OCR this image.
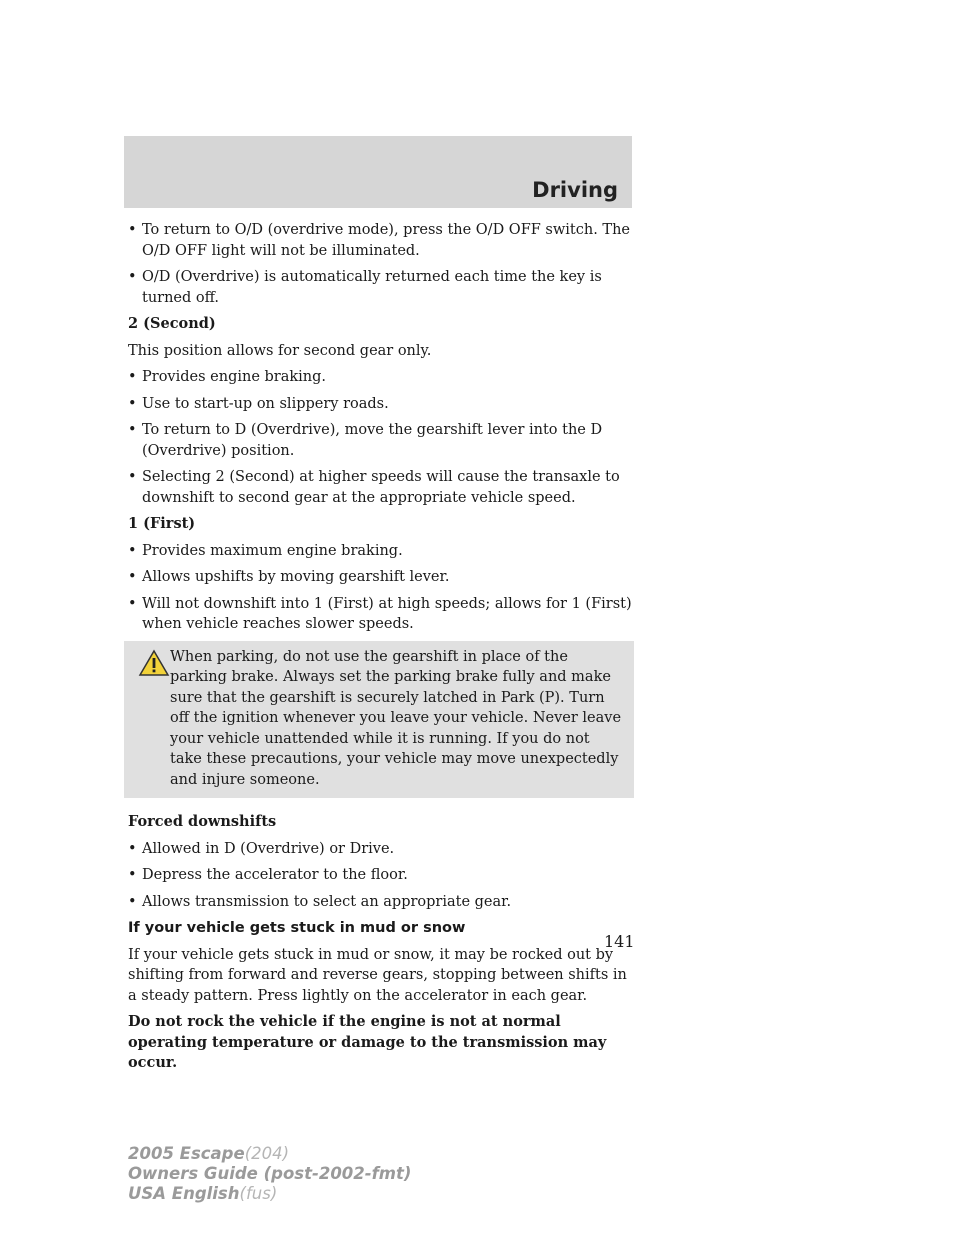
Driving
• To return to O/D (overdrive mode), press the O/D OFF switch. The O/D OFF light will not be illuminated.
• O/D (Overdrive) is automatically returned each time the key is turned off.
2 (Second)
This position allows for second gear only.
• Provides engine braking.
• Use to start-up on slippery roads.
• To return to D (Overdrive), move the gearshift lever into the D (Overdrive) position.
• Selecting 2 (Second) at higher speeds will cause the transaxle to downshift to second gear at the appropriate vehicle speed.
1 (First)
• Provides maximum engine braking.
• Allows upshifts by moving gearshift lever.
• Will not downshift into 1 (First) at high speeds; allows for 1 (First) when vehicle reaches slower speeds.
When parking, do not use the gearshift in place of the parking brake. Always set the parking brake fully and make sure that the gearshift is securely latched in Park (P). Turn off the ignition whenever you leave your vehicle. Never leave your vehicle unattended while it is running. If you do not take these precautions, your vehicle may move unexpectedly and injure someone.
Forced downshifts
• Allowed in D (Overdrive) or Drive.
• Depress the accelerator to the floor.
• Allows transmission to select an appropriate gear.
If your vehicle gets stuck in mud or snow
If your vehicle gets stuck in mud or snow, it may be rocked out by shifting from forward and reverse gears, stopping between shifts in a steady pattern. Press lightly on the accelerator in each gear.
Do not rock the vehicle if the engine is not at normal operating temperature or damage to the transmission may occur.
141
2005 Escape(204)
Owners Guide (post-2002-fmt)
USA English(fus)
